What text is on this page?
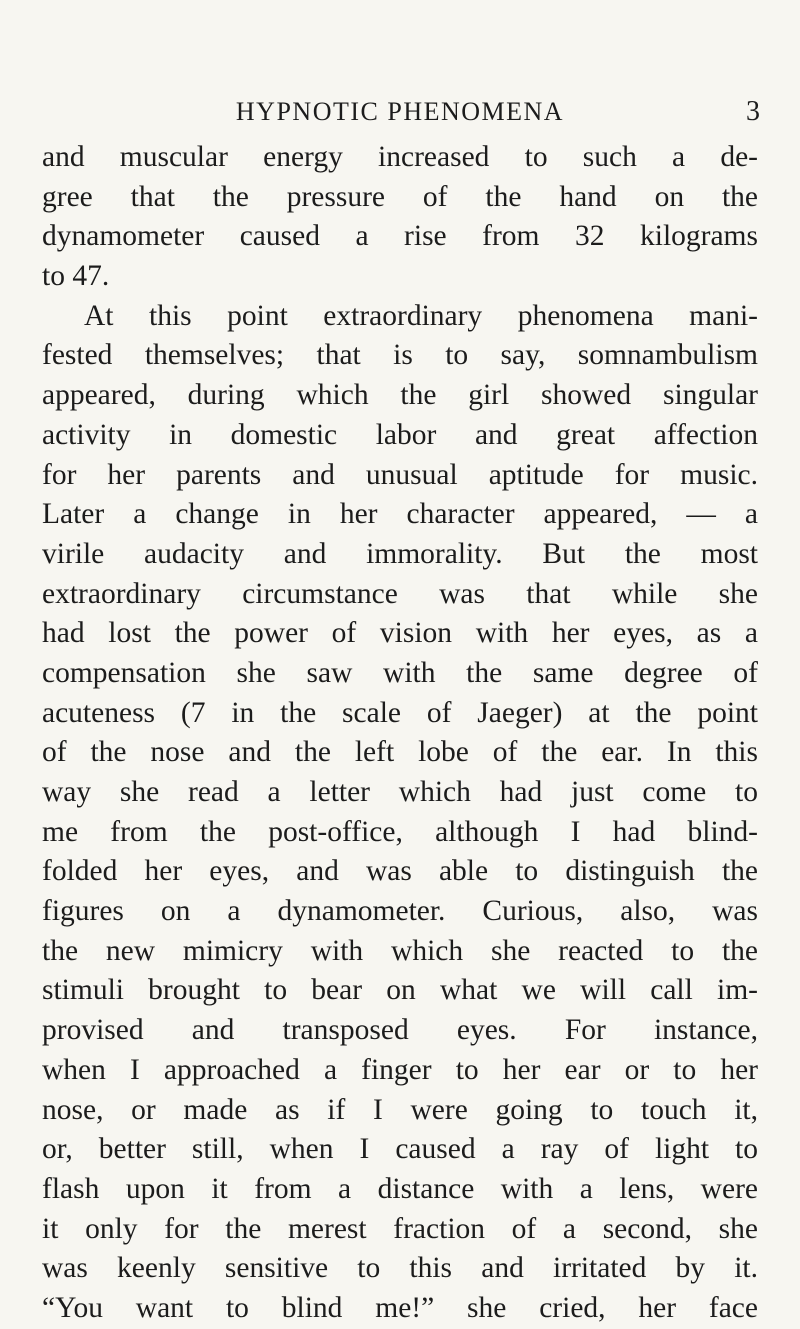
HYPNOTIC PHENOMENA	3
and muscular energy increased to such a de-
gree that the pressure of the hand on the
dynamometer caused a rise from 32 kilograms
to 47.
At this point extraordinary phenomena mani-
fested themselves; that is to say, somnambulism
appeared, during which the girl showed singular
activity in domestic labor and great affection
for her parents and unusual aptitude for music.
Later a change in her character appeared, — a
virile audacity and immorality. But the most
extraordinary circumstance was that while she
had lost the power of vision with her eyes, as a
compensation she saw with the same degree of
acuteness (7 in the scale of Jaeger) at the point
of the nose and the left lobe of the ear. In this
way she read a letter which had just come to
me from the post-office, although I had blind-
folded her eyes, and was able to distinguish the
figures on a dynamometer. Curious, also, was
the new mimicry with which she reacted to the
stimuli brought to bear on what we will call im-
provised and transposed eyes. For instance,
when I approached a finger to her ear or to her
nose, or made as if I were going to touch it,
or, better still, when I caused a ray of light to
flash upon it from a distance with a lens, were
it only for the merest fraction of a second, she
was keenly sensitive to this and irritated by it.
“You want to blind me!” she cried, her face
